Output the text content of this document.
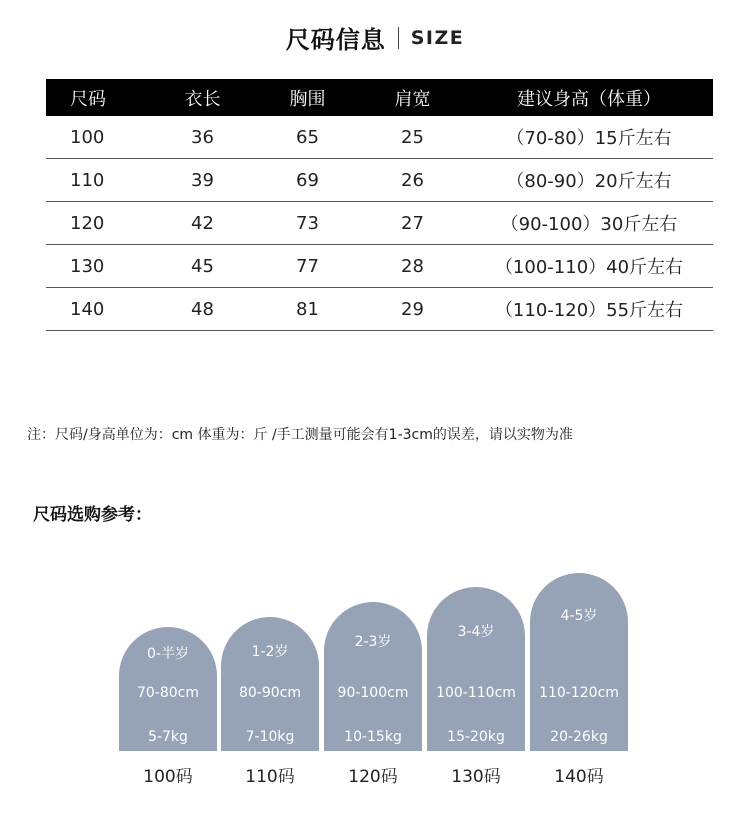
尺码信息 SIZE
尺码	衣长	胸围	肩宽	建议身高（体重）
100	36	65	25	（70-80）15斤左右
110	39	69	26	（80-90）20斤左右
120	42	73	27	（90-100）30斤左右
130	45	77	28	（100-110）40斤左右
140	48	81	29	（110-120）55斤左右
注：尺码/身高单位为：cm 体重为：斤 /手工测量可能会有1-3cm的误差，请以实物为准
尺码选购参考：
0-半岁
70-80cm
5-7kg
1-2岁
80-90cm
7-10kg
2-3岁
90-100cm
10-15kg
3-4岁
100-110cm
15-20kg
4-5岁
110-120cm
20-26kg
100码	110码	120码	130码	140码
